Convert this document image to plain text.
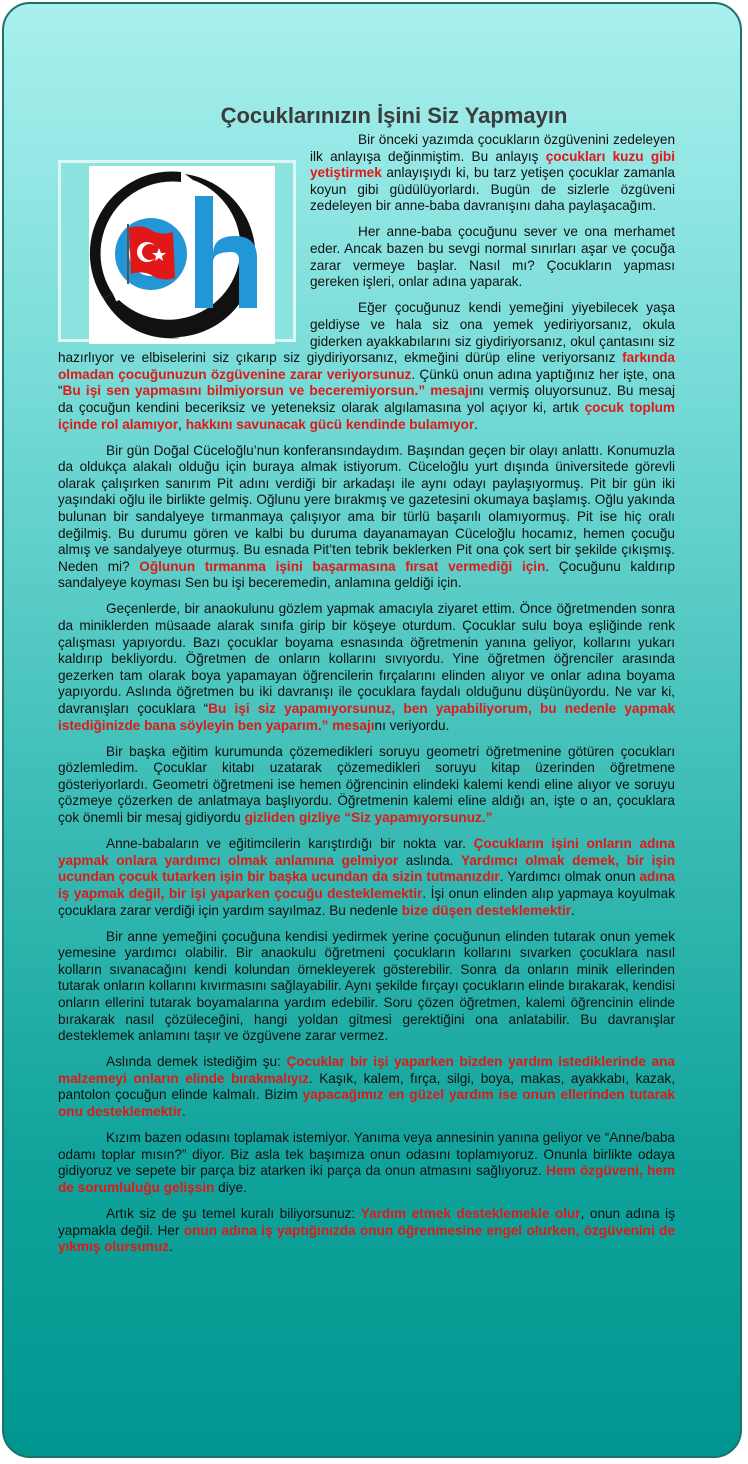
Çocuklarınızın İşini Siz Yapmayın

Bir önceki yazımda çocukların özgüvenini zedeleyen ilk anlayışa değinmiştim. Bu anlayış çocukları kuzu gibi yetiştirmek anlayışıydı ki, bu tarz yetişen çocuklar zamanla koyun gibi güdülüyorlardı. Bugün de sizlerle özgüveni zedeleyen bir anne-baba davranışını daha paylaşacağım.

Her anne-baba çocuğunu sever ve ona merhamet eder. Ancak bazen bu sevgi normal sınırları aşar ve çocuğa zarar vermeye başlar. Nasıl mı? Çocukların yapması gereken işleri, onlar adına yaparak.

Eğer çocuğunuz kendi yemeğini yiyebilecek yaşa geldiyse ve hala siz ona yemek yediriyorsanız, okula giderken ayakkabılarını siz giydiriyorsanız, okul çantasını siz hazırlıyor ve elbiselerini siz çıkarıp siz giydiriyorsanız, ekmeğini dürüp eline veriyorsanız farkında olmadan çocuğunuzun özgüvenine zarar veriyorsunuz. Çünkü onun adına yaptığınız her işte, ona “Bu işi sen yapmasını bilmiyorsun ve beceremiyorsun.” mesajını vermiş oluyorsunuz. Bu mesaj da çocuğun kendini beceriksiz ve yeteneksiz olarak algılamasına yol açıyor ki, artık çocuk toplum içinde rol alamıyor, hakkını savunacak gücü kendinde bulamıyor.

Bir gün Doğal Cüceloğlu’nun konferansındaydım. Başından geçen bir olayı anlattı. Konumuzla da oldukça alakalı olduğu için buraya almak istiyorum. Cüceloğlu yurt dışında üniversitede görevli olarak çalışırken sanırım Pit adını verdiği bir arkadaşı ile aynı odayı paylaşıyormuş. Pit bir gün iki yaşındaki oğlu ile birlikte gelmiş. Oğlunu yere bırakmış ve gazetesini okumaya başlamış. Oğlu yakında bulunan bir sandalyeye tırmanmaya çalışıyor ama bir türlü başarılı olamıyormuş. Pit ise hiç oralı değilmiş. Bu durumu gören ve kalbi bu duruma dayanamayan Cüceloğlu hocamız, hemen çocuğu almış ve sandalyeye oturmuş. Bu esnada Pit’ten tebrik beklerken Pit ona çok sert bir şekilde çıkışmış. Neden mi? Oğlunun tırmanma işini başarmasına fırsat vermediği için. Çocuğunu kaldırıp sandalyeye koyması Sen bu işi beceremedin, anlamına geldiği için.

Geçenlerde, bir anaokulunu gözlem yapmak amacıyla ziyaret ettim. Önce öğretmenden sonra da miniklerden müsaade alarak sınıfa girip bir köşeye oturdum. Çocuklar sulu boya eşliğinde renk çalışması yapıyordu. Bazı çocuklar boyama esnasında öğretmenin yanına geliyor, kollarını yukarı kaldırıp bekliyordu. Öğretmen de onların kollarını sıvıyordu. Yine öğretmen öğrenciler arasında gezerken tam olarak boya yapamayan öğrencilerin fırçalarını elinden alıyor ve onlar adına boyama yapıyordu. Aslında öğretmen bu iki davranışı ile çocuklara faydalı olduğunu düşünüyordu. Ne var ki, davranışları çocuklara “Bu işi siz yapamıyorsunuz, ben yapabiliyorum, bu nedenle yapmak istediğinizde bana söyleyin ben yaparım.” mesajını veriyordu.

Bir başka eğitim kurumunda çözemedikleri soruyu geometri öğretmenine götüren çocukları gözlemledim. Çocuklar kitabı uzatarak çözemedikleri soruyu kitap üzerinden öğretmene gösteriyorlardı. Geometri öğretmeni ise hemen öğrencinin elindeki kalemi kendi eline alıyor ve soruyu çözmeye çözerken de anlatmaya başlıyordu. Öğretmenin kalemi eline aldığı an, işte o an, çocuklara çok önemli bir mesaj gidiyordu gizliden gizliye “Siz yapamıyorsunuz.”

Anne-babaların ve eğitimcilerin karıştırdığı bir nokta var. Çocukların işini onların adına yapmak onlara yardımcı olmak anlamına gelmiyor aslında. Yardımcı olmak demek, bir işin ucundan çocuk tutarken işin bir başka ucundan da sizin tutmanızdır. Yardımcı olmak onun adına iş yapmak değil, bir işi yaparken çocuğu desteklemektir. İşi onun elinden alıp yapmaya koyulmak çocuklara zarar verdiği için yardım sayılmaz. Bu nedenle bize düşen desteklemektir.

Bir anne yemeğini çocuğuna kendisi yedirmek yerine çocuğunun elinden tutarak onun yemek yemesine yardımcı olabilir. Bir anaokulu öğretmeni çocukların kollarını sıvarken çocuklara nasıl kolların sıvanacağını kendi kolundan örnekleyerek gösterebilir. Sonra da onların minik ellerinden tutarak onların kollarını kıvırmasını sağlayabilir. Aynı şekilde fırçayı çocukların elinde bırakarak, kendisi onların ellerini tutarak boyamalarına yardım edebilir. Soru çözen öğretmen, kalemi öğrencinin elinde bırakarak nasıl çözüleceğini, hangi yoldan gitmesi gerektiğini ona anlatabilir. Bu davranışlar desteklemek anlamını taşır ve özgüvene zarar vermez.

Aslında demek istediğim şu: Çocuklar bir işi yaparken bizden yardım istediklerinde ana malzemeyi onların elinde bırakmalıyız. Kaşık, kalem, fırça, silgi, boya, makas, ayakkabı, kazak, pantolon çocuğun elinde kalmalı. Bizim yapacağımız en güzel yardım ise onun ellerinden tutarak onu desteklemektir.

Kızım bazen odasını toplamak istemiyor. Yanıma veya annesinin yanına geliyor ve “Anne/baba odamı toplar mısın?” diyor. Biz asla tek başımıza onun odasını toplamıyoruz. Onunla birlikte odaya gidiyoruz ve sepete bir parça biz atarken iki parça da onun atmasını sağlıyoruz. Hem özgüveni, hem de sorumluluğu gelişsin diye.

Artık siz de şu temel kuralı biliyorsunuz: Yardım etmek desteklemekle olur, onun adına iş yapmakla değil. Her onun adına iş yaptığınızda onun öğrenmesine engel olurken, özgüvenini de yıkmış olursunuz.
